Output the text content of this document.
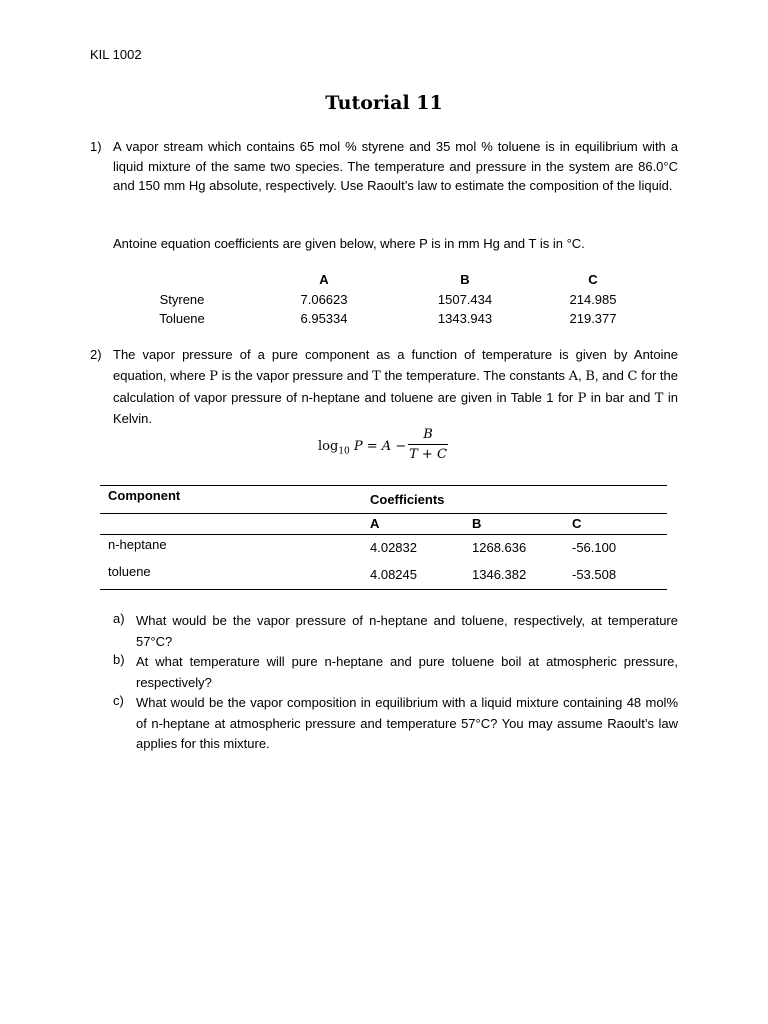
KIL 1002
Tutorial 11
1) A vapor stream which contains 65 mol % styrene and 35 mol % toluene is in equilibrium with a liquid mixture of the same two species. The temperature and pressure in the system are 86.0°C and 150 mm Hg absolute, respectively. Use Raoult’s law to estimate the composition of the liquid.

Antoine equation coefficients are given below, where P is in mm Hg and T is in °C.

	A	B	C
Styrene	7.06623	1507.434	214.985
Toluene	6.95334	1343.943	219.377
2) The vapor pressure of a pure component as a function of temperature is given by Antoine equation, where P is the vapor pressure and T the temperature. The constants A, B, and C for the calculation of vapor pressure of n-heptane and toluene are given in Table 1 for P in bar and T in Kelvin.

$\log_{10} P = A - \frac{B}{T + C}$
Component	Coefficients
A	B	C
n-heptane	4.02832	1268.636	-56.100
toluene	4.08245	1346.382	-53.508
a) What would be the vapor pressure of n-heptane and toluene, respectively, at temperature 57°C?

b) At what temperature will pure n-heptane and pure toluene boil at atmospheric pressure, respectively?

c) What would be the vapor composition in equilibrium with a liquid mixture containing 48 mol% of n-heptane at atmospheric pressure and temperature 57°C? You may assume Raoult’s law applies for this mixture.
